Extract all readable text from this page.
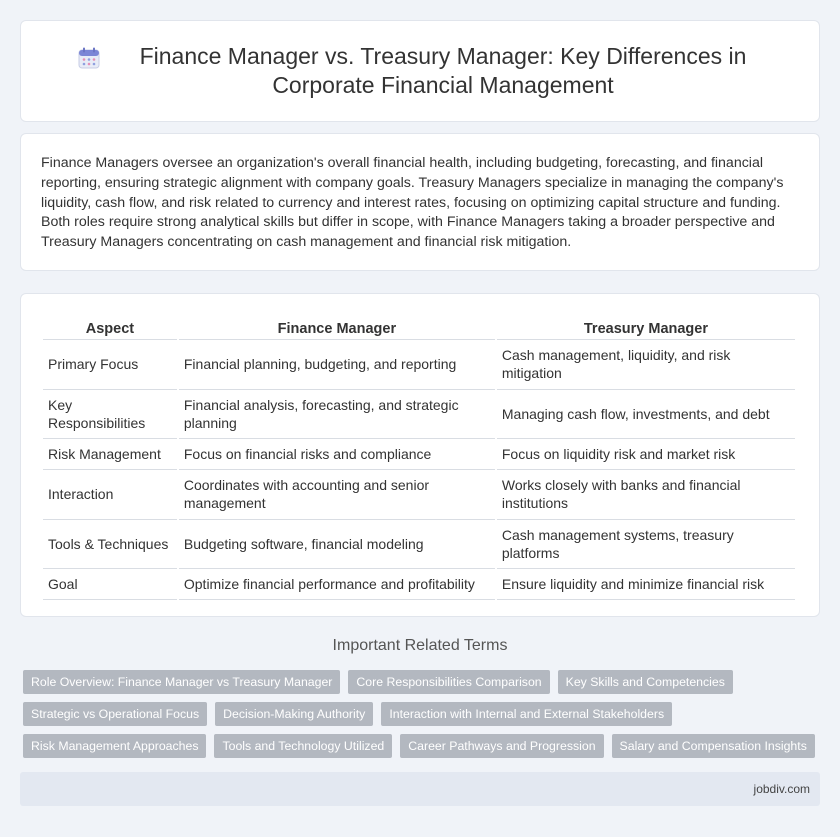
Finance Manager vs. Treasury Manager: Key Differences in Corporate Financial Management

Finance Managers oversee an organization's overall financial health, including budgeting, forecasting, and financial reporting, ensuring strategic alignment with company goals. Treasury Managers specialize in managing the company's liquidity, cash flow, and risk related to currency and interest rates, focusing on optimizing capital structure and funding. Both roles require strong analytical skills but differ in scope, with Finance Managers taking a broader perspective and Treasury Managers concentrating on cash management and financial risk mitigation.

Aspect	Finance Manager	Treasury Manager
Primary Focus	Financial planning, budgeting, and reporting	Cash management, liquidity, and risk mitigation
Key Responsibilities	Financial analysis, forecasting, and strategic planning	Managing cash flow, investments, and debt
Risk Management	Focus on financial risks and compliance	Focus on liquidity risk and market risk
Interaction	Coordinates with accounting and senior management	Works closely with banks and financial institutions
Tools & Techniques	Budgeting software, financial modeling	Cash management systems, treasury platforms
Goal	Optimize financial performance and profitability	Ensure liquidity and minimize financial risk
Important Related Terms
Role Overview: Finance Manager vs Treasury Manager	Core Responsibilities Comparison	Key Skills and Competencies
Strategic vs Operational Focus	Decision-Making Authority	Interaction with Internal and External Stakeholders
Risk Management Approaches	Tools and Technology Utilized	Career Pathways and Progression	Salary and Compensation Insights
jobdiv.com
